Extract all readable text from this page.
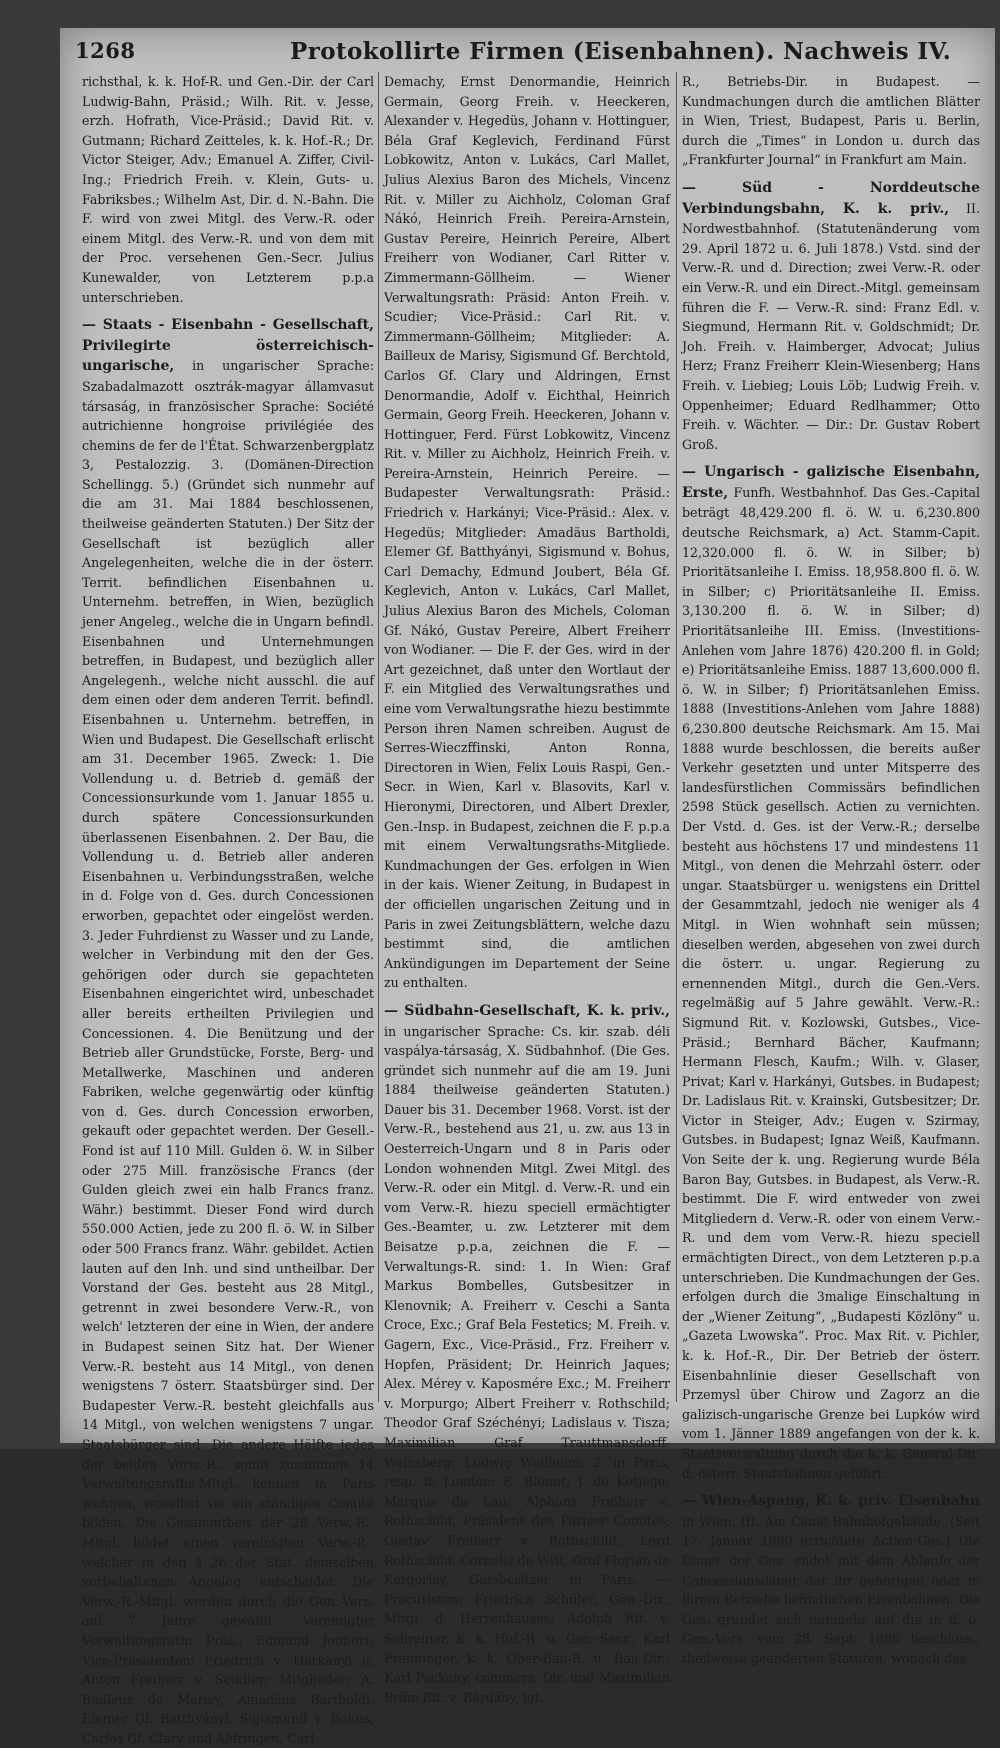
1268	Protokollirte Firmen (Eisenbahnen). Nachweis IV.

richsthal, k. k. Hof-R. und Gen.-Dir. der Carl Ludwig-Bahn, Präsid.; Wilh. Rit. v. Jesse, erzh. Hofrath, Vice-Präsid.; David Rit. v. Gutmann; Richard Zeitteles, k. k. Hof.-R.; Dr. Victor Steiger, Adv.; Emanuel A. Ziffer, Civil-Ing.; Friedrich Freih. v. Klein, Guts- u. Fabriksbes.; Wilhelm Ast, Dir. d. N.-Bahn. Die F. wird von zwei Mitgl. des Verw.-R. oder einem Mitgl. des Verw.-R. und von dem mit der Proc. versehenen Gen.-Secr. Julius Kunewalder, von Letzterem p.p.a unterschrieben.

— Staats - Eisenbahn - Gesellschaft, Privilegirte österreichisch-ungarische, in ungarischer Sprache: Szabadalmazott osztrák-magyar államvasut társaság, in französischer Sprache: Société autrichienne hongroise privilégiée des chemins de fer de l'État. Schwarzenbergplatz 3, Pestalozzig. 3. (Domänen-Direction Schellingg. 5.) (Gründet sich nunmehr auf die am 31. Mai 1884 beschlossenen, theilweise geänderten Statuten.) Der Sitz der Gesellschaft ist bezüglich aller Angelegenheiten, welche die in der österr. Territ. befindlichen Eisenbahnen u. Unternehm. betreffen, in Wien, bezüglich jener Angeleg., welche die in Ungarn befindl. Eisenbahnen und Unternehmungen betreffen, in Budapest, und bezüglich aller Angelegenh., welche nicht ausschl. die auf dem einen oder dem anderen Territ. befindl. Eisenbahnen u. Unternehm. betreffen, in Wien und Budapest. Die Gesellschaft erlischt am 31. December 1965. Zweck: 1. Die Vollendung u. d. Betrieb d. gemäß der Concessionsurkunde vom 1. Januar 1855 u. durch spätere Concessionsurkunden überlassenen Eisenbahnen. 2. Der Bau, die Vollendung u. d. Betrieb aller anderen Eisenbahnen u. Verbindungsstraßen, welche in d. Folge von d. Ges. durch Concessionen erworben, gepachtet oder eingelöst werden. 3. Jeder Fuhrdienst zu Wasser und zu Lande, welcher in Verbindung mit den der Ges. gehörigen oder durch sie gepachteten Eisenbahnen eingerichtet wird, unbeschadet aller bereits ertheilten Privilegien und Concessionen. 4. Die Benützung und der Betrieb aller Grundstücke, Forste, Berg- und Metallwerke, Maschinen und anderen Fabriken, welche gegenwärtig oder künftig von d. Ges. durch Concession erworben, gekauft oder gepachtet werden. Der Gesell.-Fond ist auf 110 Mill. Gulden ö. W. in Silber oder 275 Mill. französische Francs (der Gulden gleich zwei ein halb Francs franz. Währ.) bestimmt. Dieser Fond wird durch 550.000 Actien, jede zu 200 fl. ö. W. in Silber oder 500 Francs franz. Währ. gebildet. Actien lauten auf den Inh. und sind untheilbar. Der Vorstand der Ges. besteht aus 28 Mitgl., getrennt in zwei besondere Verw.-R., von welch' letzteren der eine in Wien, der andere in Budapest seinen Sitz hat. Der Wiener Verw.-R. besteht aus 14 Mitgl., von denen wenigstens 7 österr. Staatsbürger sind. Der Budapester Verw.-R. besteht gleichfalls aus 14 Mitgl., von welchen wenigstens 7 ungar. Staatsbürger sind. Die andere Hälfte jedes der beiden Verw.-R., somit zusammen 14 Verwaltungsraths-Mitgl. können in Paris wohnen, woselbst sie ein ständiges Comité bilden. Die Gesammtheit der 28 Verw.-R.-Mitgl. bildet einen vereinigten Verw.-R., welcher in den § 26 der Stat. demselben vorbehaltenen Angeleg. entscheidet. Die Verw.-R.-Mitgl. werden durch die Gen.-Vers. auf 7 Jahre gewählt. Vereinigter Verwaltungsrath: Präs.: Edmund Joubert; Vice-Präsidenten: Friedrich v. Harkányi u. Anton Freiherr v. Scudier; Mitglieder: A. Bailleux de Marisy, Amadäus Bartholdi, Elemer Gf. Batthyányi, Sigismund v. Bohus, Carlos Gf. Clary und Aldringen, Carl

Demachy, Ernst Denormandie, Heinrich Germain, Georg Freih. v. Heeckeren, Alexander v. Hegedüs, Johann v. Hottinguer, Béla Graf Keglevich, Ferdinand Fürst Lobkowitz, Anton v. Lukács, Carl Mallet, Julius Alexius Baron des Michels, Vincenz Rit. v. Miller zu Aichholz, Coloman Graf Nákó, Heinrich Freih. Pereira-Arnstein, Gustav Pereire, Heinrich Pereire, Albert Freiherr von Wodianer, Carl Ritter v. Zimmermann-Göllheim. — Wiener Verwaltungsrath: Präsid: Anton Freih. v. Scudier; Vice-Präsid.: Carl Rit. v. Zimmermann-Göllheim; Mitglieder: A. Bailleux de Marisy, Sigismund Gf. Berchtold, Carlos Gf. Clary und Aldringen, Ernst Denormandie, Adolf v. Eichthal, Heinrich Germain, Georg Freih. Heeckeren, Johann v. Hottinguer, Ferd. Fürst Lobkowitz, Vincenz Rit. v. Miller zu Aichholz, Heinrich Freih. v. Pereira-Arnstein, Heinrich Pereire. — Budapester Verwaltungsrath: Präsid.: Friedrich v. Harkányi; Vice-Präsid.: Alex. v. Hegedüs; Mitglieder: Amadäus Bartholdi, Elemer Gf. Batthyányi, Sigismund v. Bohus, Carl Demachy, Edmund Joubert, Béla Gf. Keglevich, Anton v. Lukács, Carl Mallet, Julius Alexius Baron des Michels, Coloman Gf. Nákó, Gustav Pereire, Albert Freiherr von Wodianer. — Die F. der Ges. wird in der Art gezeichnet, daß unter den Wortlaut der F. ein Mitglied des Verwaltungsrathes und eine vom Verwaltungsrathe hiezu bestimmte Person ihren Namen schreiben. August de Serres-Wieczffinski, Anton Ronna, Directoren in Wien, Felix Louis Raspi, Gen.-Secr. in Wien, Karl v. Blasovits, Karl v. Hieronymi, Directoren, und Albert Drexler, Gen.-Insp. in Budapest, zeichnen die F. p.p.a mit einem Verwaltungsraths-Mitgliede. Kundmachungen der Ges. erfolgen in Wien in der kais. Wiener Zeitung, in Budapest in der officiellen ungarischen Zeitung und in Paris in zwei Zeitungsblättern, welche dazu bestimmt sind, die amtlichen Ankündigungen im Departement der Seine zu enthalten.

— Südbahn-Gesellschaft, K. k. priv., in ungarischer Sprache: Cs. kir. szab. déli vaspálya-társaság, X. Südbahnhof. (Die Ges. gründet sich nunmehr auf die am 19. Juni 1884 theilweise geänderten Statuten.) Dauer bis 31. December 1968. Vorst. ist der Verw.-R., bestehend aus 21, u. zw. aus 13 in Oesterreich-Ungarn und 8 in Paris oder London wohnenden Mitgl. Zwei Mitgl. des Verw.-R. oder ein Mitgl. d. Verw.-R. und ein vom Verw.-R. hiezu speciell ermächtigter Ges.-Beamter, u. zw. Letzterer mit dem Beisatze p.p.a, zeichnen die F. — Verwaltungs-R. sind: 1. In Wien: Graf Markus Bombelles, Gutsbesitzer in Klenovnik; A. Freiherr v. Ceschi a Santa Croce, Exc.; Graf Bela Festetics; M. Freih. v. Gagern, Exc., Vice-Präsid., Frz. Freiherr v. Hopfen, Präsident; Dr. Heinrich Jaques; Alex. Mérey v. Kaposmére Exc.; M. Freiherr v. Morpurgo; Albert Freiherr v. Rothschild; Theodor Graf Széchényi; Ladislaus v. Tisza; Maximilian Graf Trauttmansdorff-Weinsberg; Ludwig Wollheim; 2. in Paris, resp. in London: E. Blount; J. de Ketjegu; Marquis du Lau; Alphons Freiherr v. Rothschild, Präsident des Pariser Comités; Gustav Freiherr v. Rothschild; Lord Rothschild; Cornelis de Witt, Graf Florian de Kergorlay, Gutsbesitzer in Paris. — Procuristen: Friedrich Schüler, Gen.-Dir., Mitgl. d. Herrenhauses; Adolph Rit. v. Schreiner, k. k. Hof.-R. u. Gen.-Secr.; Karl Prenninger, k. k. Ober-Bau-R. u. Bau-Dir.; Karl Packeny, commerz. Dir. und Maximilian Bräm Rit. v. Bárdány, igl.

R., Betriebs-Dir. in Budapest. — Kundmachungen durch die amtlichen Blätter in Wien, Triest, Budapest, Paris u. Berlin, durch die „Times“ in London u. durch das „Frankfurter Journal“ in Frankfurt am Main.

— Süd - Norddeutsche Verbindungsbahn, K. k. priv., II. Nordwestbahnhof. (Statutenänderung vom 29. April 1872 u. 6. Juli 1878.) Vstd. sind der Verw.-R. und d. Direction; zwei Verw.-R. oder ein Verw.-R. und ein Direct.-Mitgl. gemeinsam führen die F. — Verw.-R. sind: Franz Edl. v. Siegmund, Hermann Rit. v. Goldschmidt; Dr. Joh. Freih. v. Haimberger, Advocat; Julius Herz; Franz Freiherr Klein-Wiesenberg; Hans Freih. v. Liebieg; Louis Löb; Ludwig Freih. v. Oppenheimer; Eduard Redlhammer; Otto Freih. v. Wächter. — Dir.: Dr. Gustav Robert Groß.

— Ungarisch - galizische Eisenbahn, Erste, Funfh. Westbahnhof. Das Ges.-Capital beträgt 48,429.200 fl. ö. W. u. 6,230.800 deutsche Reichsmark, a) Act. Stamm-Capit. 12,320.000 fl. ö. W. in Silber; b) Prioritätsanleihe I. Emiss. 18,958.800 fl. ö. W. in Silber; c) Prioritätsanleihe II. Emiss. 3,130.200 fl. ö. W. in Silber; d) Prioritätsanleihe III. Emiss. (Investitions-Anlehen vom Jahre 1876) 420.200 fl. in Gold; e) Prioritätsanleihe Emiss. 1887 13,600.000 fl. ö. W. in Silber; f) Prioritätsanlehen Emiss. 1888 (Investitions-Anlehen vom Jahre 1888) 6,230.800 deutsche Reichsmark. Am 15. Mai 1888 wurde beschlossen, die bereits außer Verkehr gesetzten und unter Mitsperre des landesfürstlichen Commissärs befindlichen 2598 Stück gesellsch. Actien zu vernichten. Der Vstd. d. Ges. ist der Verw.-R.; derselbe besteht aus höchstens 17 und mindestens 11 Mitgl., von denen die Mehrzahl österr. oder ungar. Staatsbürger u. wenigstens ein Drittel der Gesammtzahl, jedoch nie weniger als 4 Mitgl. in Wien wohnhaft sein müssen; dieselben werden, abgesehen von zwei durch die österr. u. ungar. Regierung zu ernennenden Mitgl., durch die Gen.-Vers. regelmäßig auf 5 Jahre gewählt. Verw.-R.: Sigmund Rit. v. Kozlowski, Gutsbes., Vice-Präsid.; Bernhard Bächer, Kaufmann; Hermann Flesch, Kaufm.; Wilh. v. Glaser, Privat; Karl v. Harkányi, Gutsbes. in Budapest; Dr. Ladislaus Rit. v. Krainski, Gutsbesitzer; Dr. Victor in Steiger, Adv.; Eugen v. Szirmay, Gutsbes. in Budapest; Ignaz Weiß, Kaufmann. Von Seite der k. ung. Regierung wurde Béla Baron Bay, Gutsbes. in Budapest, als Verw.-R. bestimmt. Die F. wird entweder von zwei Mitgliedern d. Verw.-R. oder von einem Verw.-R. und dem vom Verw.-R. hiezu speciell ermächtigten Direct., von dem Letzteren p.p.a unterschrieben. Die Kundmachungen der Ges. erfolgen durch die 3malige Einschaltung in der „Wiener Zeitung“, „Budapesti Közlöny“ u. „Gazeta Lwowska“. Proc. Max Rit. v. Pichler, k. k. Hof.-R., Dir. Der Betrieb der österr. Eisenbahnlinie dieser Gesellschaft von Przemysl über Chirow und Zagorz an die galizisch-ungarische Grenze bei Lupków wird vom 1. Jänner 1889 angefangen von der k. k. Staatsverwaltung durch die k. k. General-Dir. d. österr. Staatsbahnen geführt.

— Wien-Aspang, K. k. priv. Eisenbahn in Wien, III. Am Canal Bahnhofgebäude. (Seit 17. Januar 1880 errichtete Actien-Ges.) Die Dauer der Ges. endet mit dem Ablaufe der Concessionsdauer der ihr gehörigen oder in ihrem Betriebe befindlichen Eisenbahnen. Die Ges. gründet sich nunmehr auf die in d. o. Gen.-Vers. vom 28. Sept. 1886 beschloss., theilweise geänderten Statuten, wonach das
